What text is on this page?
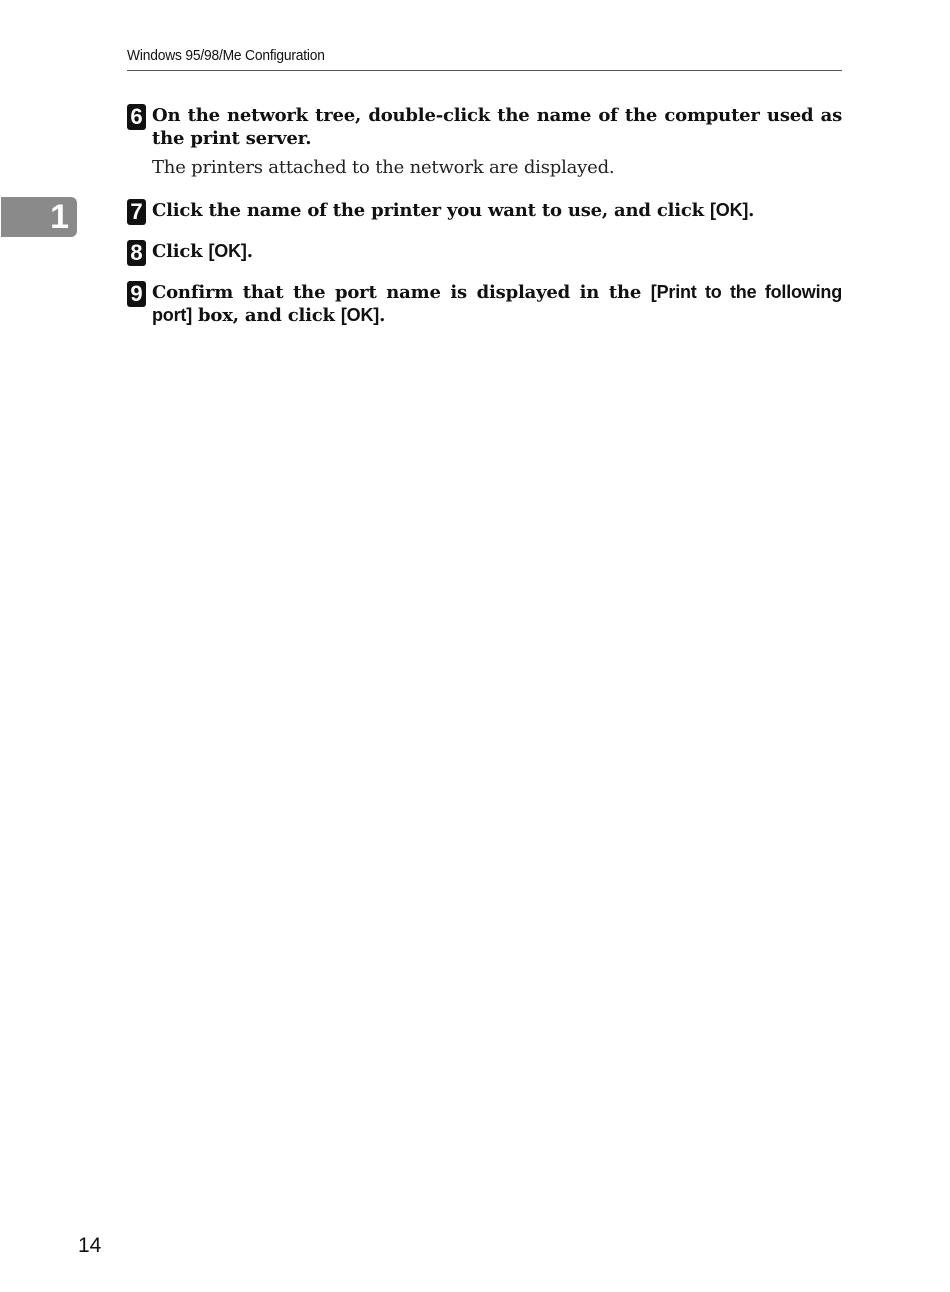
Windows 95/98/Me Configuration
1
6 On the network tree, double-click the name of the computer used as the print server.
The printers attached to the network are displayed.
7 Click the name of the printer you want to use, and click [OK].
8 Click [OK].
9 Confirm that the port name is displayed in the [Print to the following port] box, and click [OK].
14
